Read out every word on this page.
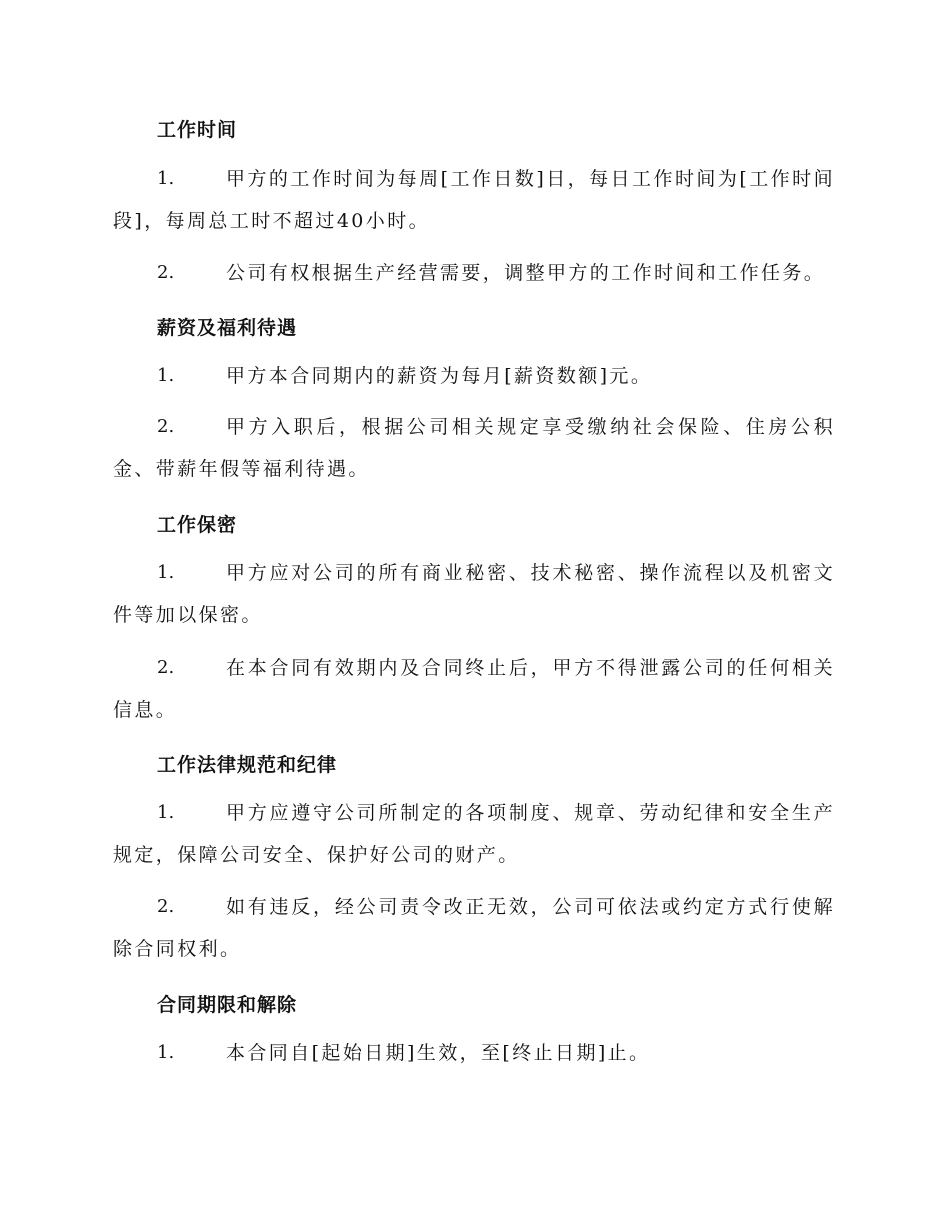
工作时间
1.	甲方的工作时间为每周[工作日数]日，每日工作时间为[工作时间段]，每周总工时不超过40小时。
2.	公司有权根据生产经营需要，调整甲方的工作时间和工作任务。
薪资及福利待遇
1.	甲方本合同期内的薪资为每月[薪资数额]元。
2.	甲方入职后，根据公司相关规定享受缴纳社会保险、住房公积金、带薪年假等福利待遇。
工作保密
1.	甲方应对公司的所有商业秘密、技术秘密、操作流程以及机密文件等加以保密。
2.	在本合同有效期内及合同终止后，甲方不得泄露公司的任何相关信息。
工作法律规范和纪律
1.	甲方应遵守公司所制定的各项制度、规章、劳动纪律和安全生产规定，保障公司安全、保护好公司的财产。
2.	如有违反，经公司责令改正无效，公司可依法或约定方式行使解除合同权利。
合同期限和解除
1.	本合同自[起始日期]生效，至[终止日期]止。
